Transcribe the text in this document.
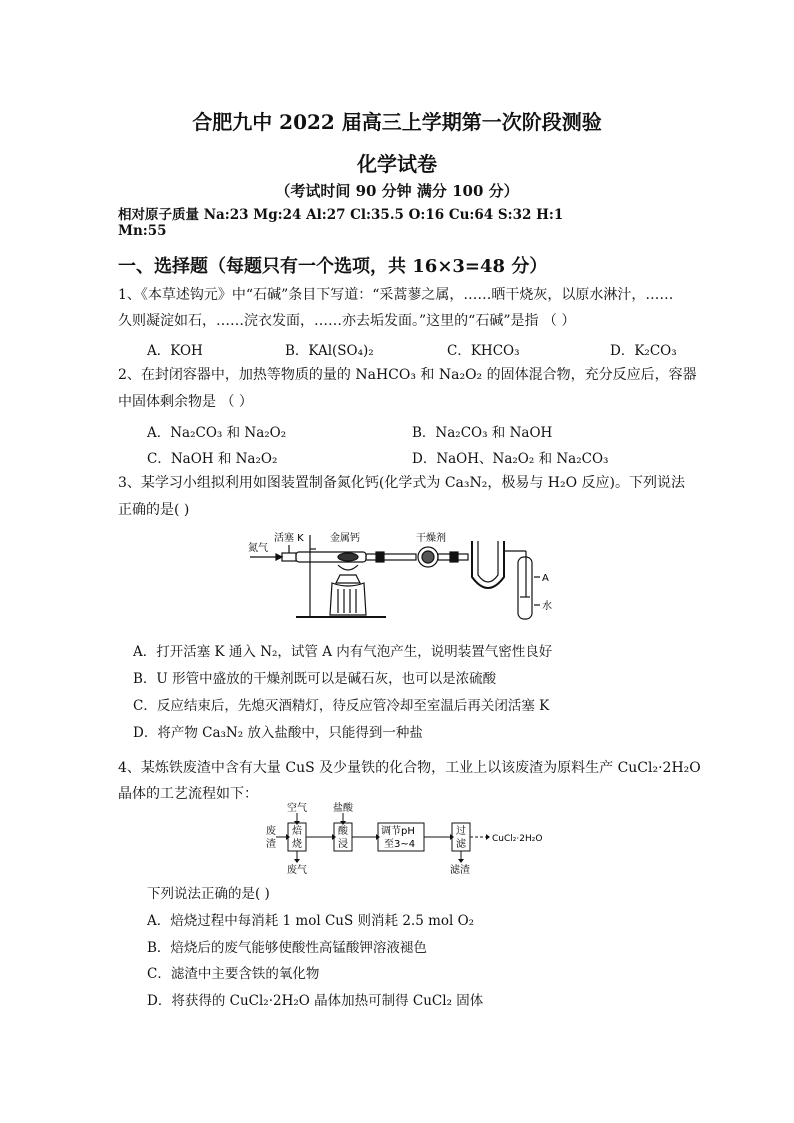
合肥九中 2022 届高三上学期第一次阶段测验
化学试卷
（考试时间 90 分钟 满分 100 分）
相对原子质量 Na:23 Mg:24 Al:27 Cl:35.5 O:16 Cu:64 S:32 H:1
Mn:55
一、选择题（每题只有一个选项，共 16×3=48 分）
1、《本草述钩元》中“石碱”条目下写道：“采蒿蓼之属，……晒干烧灰，以原水淋汁，……
久则凝淀如石，……浣衣发面，……亦去垢发面。”这里的“石碱”是指 （ ）
A．KOH	B．KAl(SO₄)₂	C．KHCO₃	D．K₂CO₃
2、在封闭容器中，加热等物质的量的 NaHCO₃ 和 Na₂O₂ 的固体混合物，充分反应后，容器
中固体剩余物是 （ ）
A．Na₂CO₃ 和 Na₂O₂	B．Na₂CO₃ 和 NaOH
C．NaOH 和 Na₂O₂	D．NaOH、Na₂O₂ 和 Na₂CO₃
3、某学习小组拟利用如图装置制备氮化钙(化学式为 Ca₃N₂，极易与 H₂O 反应)。下列说法
正确的是( )
氮气
活塞 K	金属钙	干燥剂
A
水
A．打开活塞 K 通入 N₂，试管 A 内有气泡产生，说明装置气密性良好
B．U 形管中盛放的干燥剂既可以是碱石灰，也可以是浓硫酸
C．反应结束后，先熄灭酒精灯，待反应管冷却至室温后再关闭活塞 K
D．将产物 Ca₃N₂ 放入盐酸中，只能得到一种盐
4、某炼铁废渣中含有大量 CuS 及少量铁的化合物，工业上以该废渣为原料生产 CuCl₂·2H₂O
晶体的工艺流程如下：
废
渣
空气
焙
烧
废气
盐酸
酸
浸
调节pH
至3~4
过
滤
滤渣
CuCl₂·2H₂O
下列说法正确的是( )
A．焙烧过程中每消耗 1 mol CuS 则消耗 2.5 mol O₂
B．焙烧后的废气能够使酸性高锰酸钾溶液褪色
C．滤渣中主要含铁的氧化物
D．将获得的 CuCl₂·2H₂O 晶体加热可制得 CuCl₂ 固体
